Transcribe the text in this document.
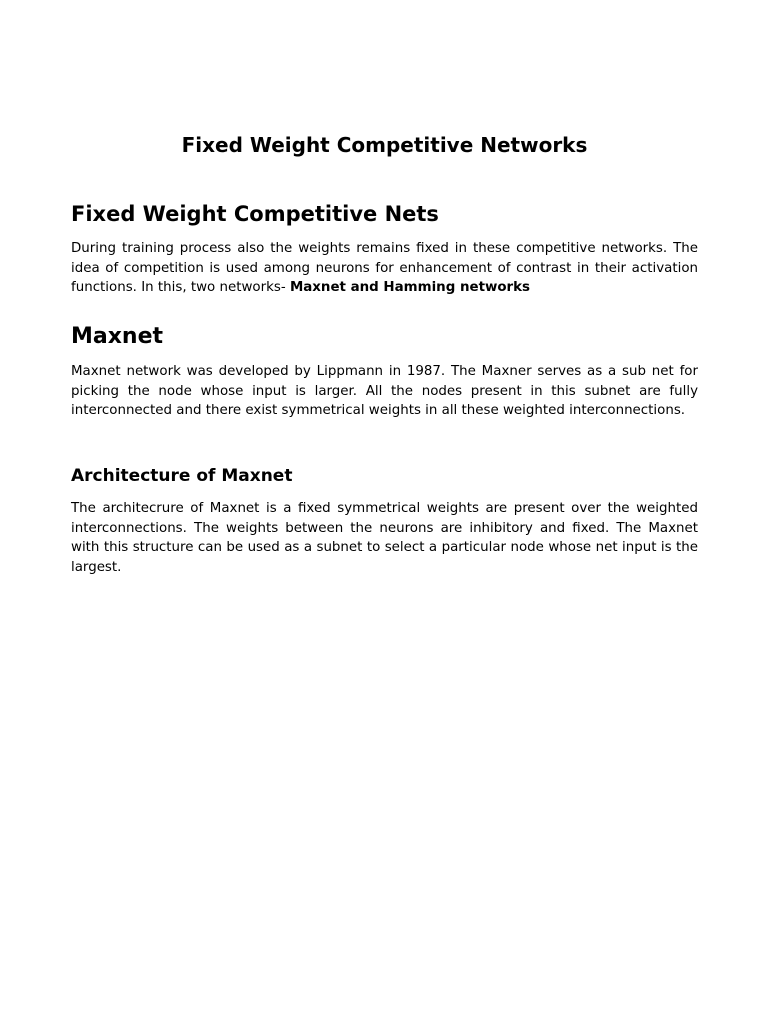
Fixed Weight Competitive Networks
Fixed Weight Competitive Nets

During training process also the weights remains fixed in these competitive networks. The idea of competition is used among neurons for enhancement of contrast in their activation functions. In this, two networks- Maxnet and Hamming networks

Maxnet

Maxnet network was developed by Lippmann in 1987. The Maxner serves as a sub net for picking the node whose input is larger. All the nodes present in this subnet are fully interconnected and there exist symmetrical weights in all these weighted interconnections.

Architecture of Maxnet

The architecrure of Maxnet is a fixed symmetrical weights are present over the weighted interconnections. The weights between the neurons are inhibitory and fixed. The Maxnet with this structure can be used as a subnet to select a particular node whose net input is the largest.
